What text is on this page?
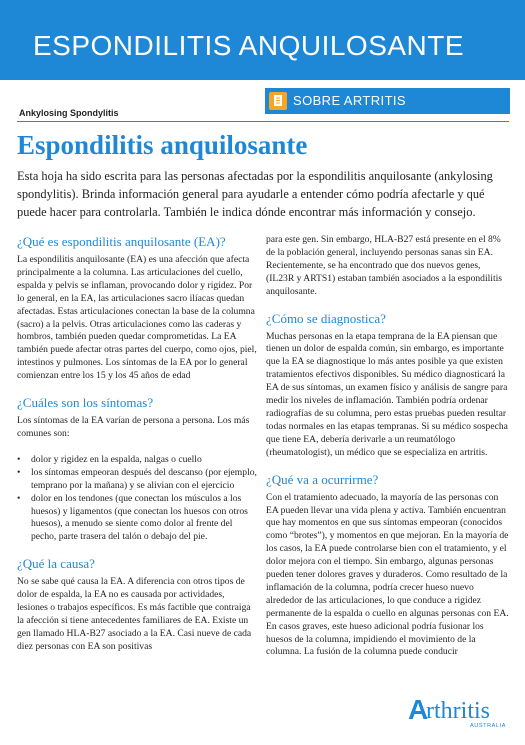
ESPONDILITIS ANQUILOSANTE
SPANISH
SOBRE ARTRITIS
Ankylosing Spondylitis
Espondilitis anquilosante

Esta hoja ha sido escrita para las personas afectadas por la espondilitis anquilosante (ankylosing spondylitis). Brinda información general para ayudarle a entender cómo podría afectarle y qué puede hacer para controlarla. También le indica dónde encontrar más información y consejo.

¿Qué es espondilitis anquilosante (EA)?

La espondilitis anquilosante (EA) es una afección que afecta principalmente a la columna. Las articulaciones del cuello, espalda y pelvis se inflaman, provocando dolor y rigidez. Por lo general, en la EA, las articulaciones sacro ilíacas quedan afectadas. Estas articulaciones conectan la base de la columna (sacro) a la pelvis. Otras articulaciones como las caderas y hombros, también pueden quedar comprometidas. La EA también puede afectar otras partes del cuerpo, como ojos, piel, intestinos y pulmones. Los síntomas de la EA por lo general comienzan entre los 15 y los 45 años de edad

¿Cuáles son los síntomas?

Los síntomas de la EA varían de persona a persona. Los más comunes son:

• dolor y rigidez en la espalda, nalgas o cuello
• los síntomas empeoran después del descanso (por ejemplo, temprano por la mañana) y se alivian con el ejercicio
• dolor en los tendones (que conectan los músculos a los huesos) y ligamentos (que conectan los huesos con otros huesos), a menudo se siente como dolor al frente del pecho, parte trasera del talón o debajo del pie.
¿Qué la causa?

No se sabe qué causa la EA. A diferencia con otros tipos de dolor de espalda, la EA no es causada por actividades, lesiones o trabajos específicos. Es más factible que contraiga la afección si tiene antecedentes familiares de EA. Existe un gen llamado HLA-B27 asociado a la EA. Casi nueve de cada diez personas con EA son positivas

para este gen. Sin embargo, HLA-B27 está presente en el 8% de la población general, incluyendo personas sanas sin EA. Recientemente, se ha encontrado que dos nuevos genes, (IL23R y ARTS1) estaban también asociados a la espondilitis anquilosante.

¿Cómo se diagnostica?

Muchas personas en la etapa temprana de la EA piensan que tienen un dolor de espalda común, sin embargo, es importante que la EA se diagnostique lo más antes posible ya que existen tratamientos efectivos disponibles. Su médico diagnosticará la EA de sus síntomas, un examen físico y análisis de sangre para medir los niveles de inflamación. También podría ordenar radiografías de su columna, pero estas pruebas pueden resultar todas normales en las etapas tempranas. Si su médico sospecha que tiene EA, debería derivarle a un reumatólogo (rheumatologist), un médico que se especializa en artritis.

¿Qué va a ocurrirme?

Con el tratamiento adecuado, la mayoría de las personas con EA pueden llevar una vida plena y activa. También encuentran que hay momentos en que sus síntomas empeoran (conocidos como “brotes”), y momentos en que mejoran. En la mayoría de los casos, la EA puede controlarse bien con el tratamiento, y el dolor mejora con el tiempo. Sin embargo, algunas personas pueden tener dolores graves y duraderos. Como resultado de la inflamación de la columna, podría crecer hueso nuevo alrededor de las articulaciones, lo que conduce a rigidez permanente de la espalda o cuello en algunas personas con EA. En casos graves, este hueso adicional podría fusionar los huesos de la columna, impidiendo el movimiento de la columna. La fusión de la columna puede conducir

A
rthritis
AUSTRALIA
